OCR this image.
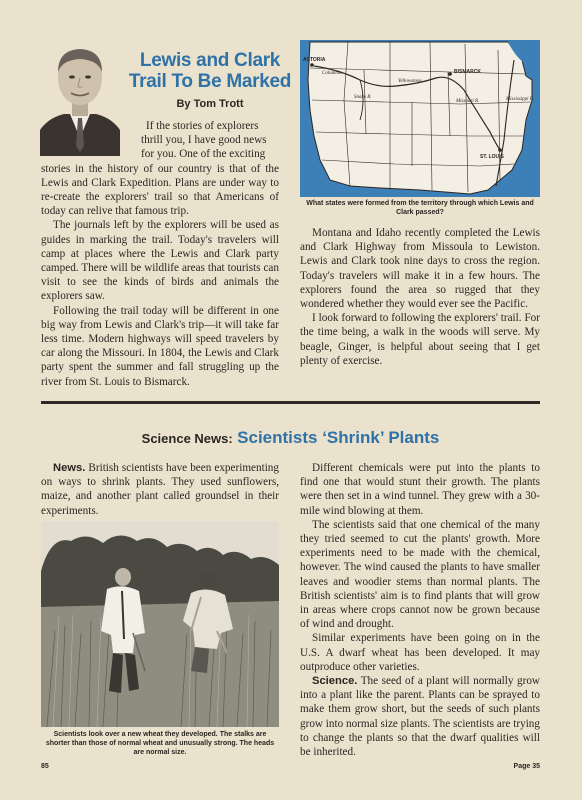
Lewis and Clark
Trail To Be Marked
By Tom Trott

If the stories of explorers

thrill you, I have good news

for you. One of the exciting

stories in the history of our country is that of the Lewis and Clark Expedition. Plans are under way to re-create the explorers' trail so that Americans of today can relive that famous trip.

The journals left by the explorers will be used as guides in marking the trail. Today's travelers will camp at places where the Lewis and Clark party camped. There will be wildlife areas that tourists can visit to see the kinds of birds and animals the explorers saw.

Following the trail today will be different in one big way from Lewis and Clark's trip—it will take far less time. Modern highways will speed travelers by car along the Missouri. In 1804, the Lewis and Clark party spent the summer and fall struggling up the river from St. Louis to Bismarck.

ASTORIA
Columbia
Yellowstone
BISMARCK
Snake R.
Missouri R.	Mississippi R.
ST. LOUIS
What states were formed from the territory through which Lewis and Clark passed?

Montana and Idaho recently completed the Lewis and Clark Highway from Missoula to Lewiston. Lewis and Clark took nine days to cross the region. Today's travelers will make it in a few hours. The explorers found the area so rugged that they wondered whether they would ever see the Pacific.

I look forward to following the explorers' trail. For the time being, a walk in the woods will serve. My beagle, Ginger, is helpful about seeing that I get plenty of exercise.

Science News: Scientists ‘Shrink’ Plants

News. British scientists have been experimenting on ways to shrink plants. They used sunflowers, maize, and another plant called groundsel in their experiments.

Scientists look over a new wheat they developed. The stalks are shorter than those of normal wheat and unusually strong. The heads are normal size.

Different chemicals were put into the plants to find one that would stunt their growth. The plants were then set in a wind tunnel. They grew with a 30-mile wind blowing at them.

The scientists said that one chemical of the many they tried seemed to cut the plants' growth. More experiments need to be made with the chemical, however. The wind caused the plants to have smaller leaves and woodier stems than normal plants. The British scientists' aim is to find plants that will grow in areas where crops cannot now be grown because of wind and drought.

Similar experiments have been going on in the U.S. A dwarf wheat has been developed. It may outproduce other varieties.

Science. The seed of a plant will normally grow into a plant like the parent. Plants can be sprayed to make them grow short, but the seeds of such plants grow into normal size plants. The scientists are trying to change the plants so that the dwarf qualities will be inherited.

85	Page 35
